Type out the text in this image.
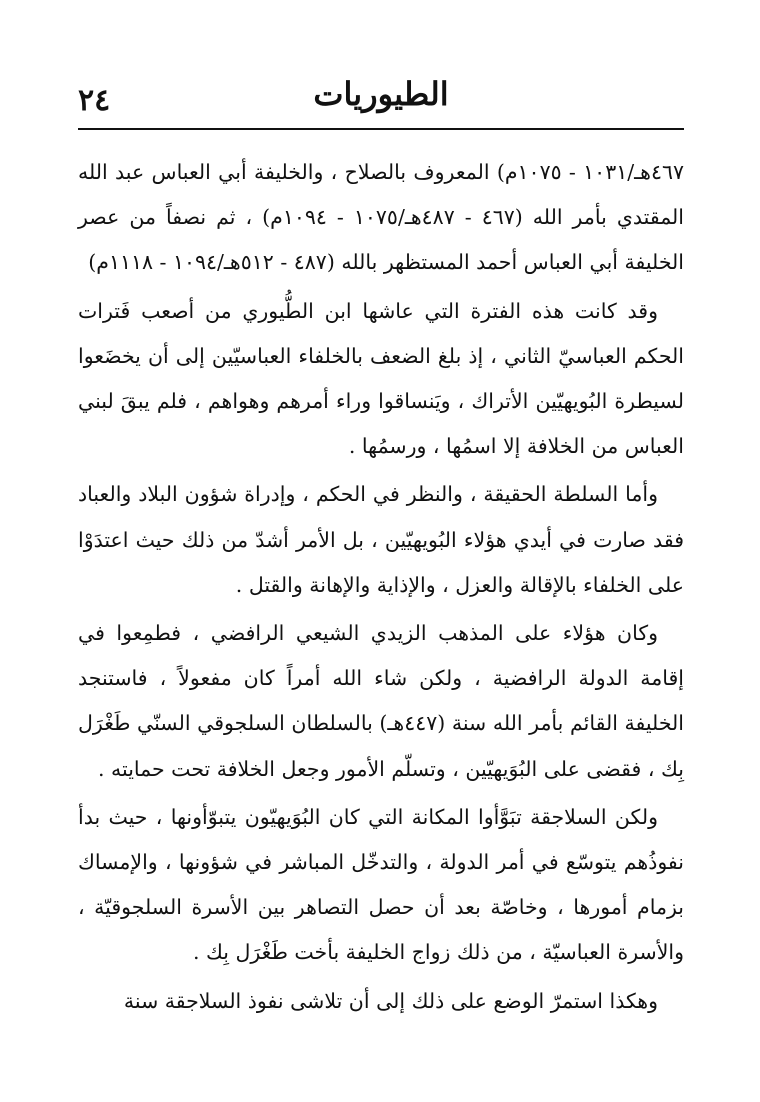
٢٤	الطيوريات

٤٦٧هـ/١٠٣١ - ١٠٧٥م) المعروف بالصلاح ، والخليفة أبي العباس عبد الله المقتدي بأمر الله (٤٦٧ - ٤٨٧هـ/١٠٧٥ - ١٠٩٤م) ، ثم نصفاً من عصر الخليفة أبي العباس أحمد المستظهر بالله (٤٨٧ - ٥١٢هـ/١٠٩٤ - ١١١٨م)

وقد كانت هذه الفترة التي عاشها ابن الطُّيوري من أصعب فَترات الحكم العباسيّ الثاني ، إذ بلغ الضعف بالخلفاء العباسيّين إلى أن يخضَعوا لسيطرة البُويهيّين الأتراك ، ويَنساقوا وراء أمرهم وهواهم ، فلم يبقَ لبني العباس من الخلافة إلا اسمُها ، ورسمُها .

وأما السلطة الحقيقة ، والنظر في الحكم ، وإدراة شؤون البلاد والعباد فقد صارت في أيدي هؤلاء البُويهيّين ، بل الأمر أشدّ من ذلك حيث اعتدَوْا على الخلفاء بالإقالة والعزل ، والإذاية والإهانة والقتل .

وكان هؤلاء على المذهب الزيدي الشيعي الرافضي ، فطمِعوا في إقامة الدولة الرافضية ، ولكن شاء الله أمراً كان مفعولاً ، فاستنجد الخليفة القائم بأمر الله سنة (٤٤٧هـ) بالسلطان السلجوقي السنّي طَغْرَل بِك ، فقضى على البُوَيهيّين ، وتسلّم الأمور وجعل الخلافة تحت حمايته .

ولكن السلاجقة تبَوَّأوا المكانة التي كان البُوَيهيّون يتبوّأونها ، حيث بدأ نفوذُهم يتوسّع في أمر الدولة ، والتدخّل المباشر في شؤونها ، والإمساك بزمام أمورها ، وخاصّة بعد أن حصل التصاهر بين الأسرة السلجوقيّة ، والأسرة العباسيّة ، من ذلك زواج الخليفة بأخت طَغْرَل بِك .

وهكذا استمرّ الوضع على ذلك إلى أن تلاشى نفوذ السلاجقة سنة
